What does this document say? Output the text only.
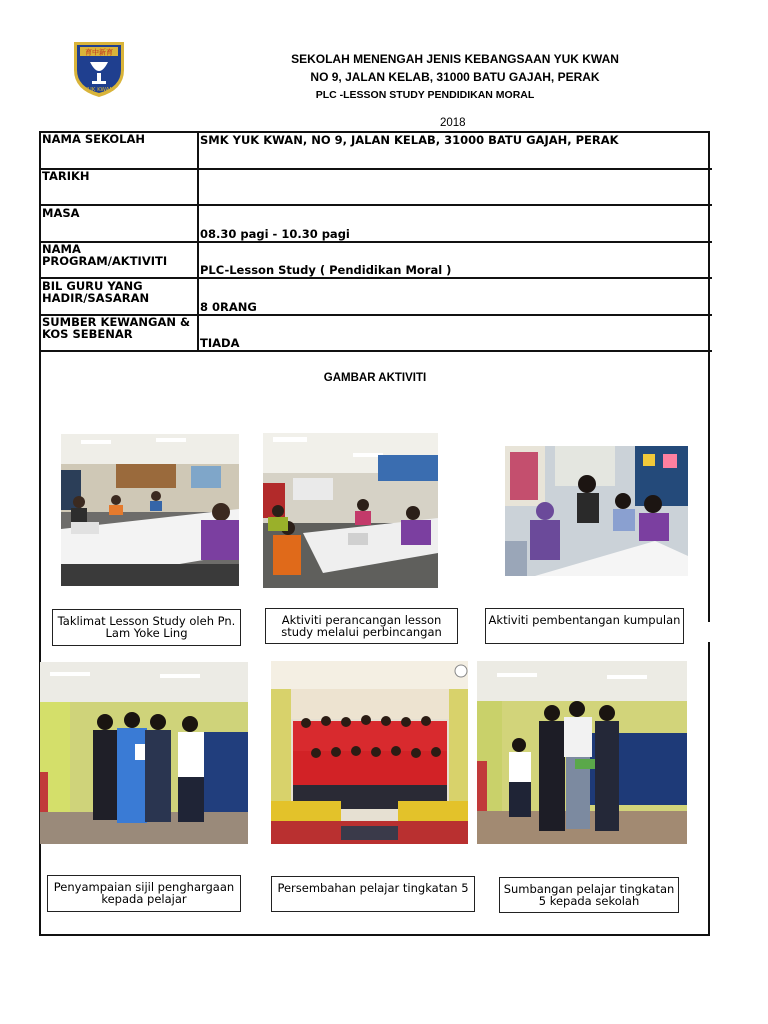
育中新育
YUK KWAN
SEKOLAH MENENGAH JENIS KEBANGSAAN YUK KWAN
NO 9, JALAN KELAB, 31000 BATU GAJAH, PERAK
PLC -LESSON STUDY PENDIDIKAN MORAL
2018
NAMA SEKOLAH	SMK YUK KWAN, NO 9, JALAN KELAB, 31000 BATU GAJAH, PERAK
TARIKH
MASA
08.30 pagi - 10.30 pagi
NAMA PROGRAM/AKTIVITI
PLC-Lesson Study ( Pendidikan Moral )
BIL GURU YANG HADIR/SASARAN
8 0RANG
SUMBER KEWANGAN & KOS SEBENAR
TIADA
GAMBAR AKTIVITI
Taklimat Lesson Study oleh Pn. Lam Yoke Ling
Aktiviti perancangan lesson study melalui perbincangan
Aktiviti pembentangan kumpulan
Penyampaian sijil penghargaan kepada pelajar
Persembahan pelajar tingkatan 5	Sumbangan pelajar tingkatan 5 kepada sekolah
